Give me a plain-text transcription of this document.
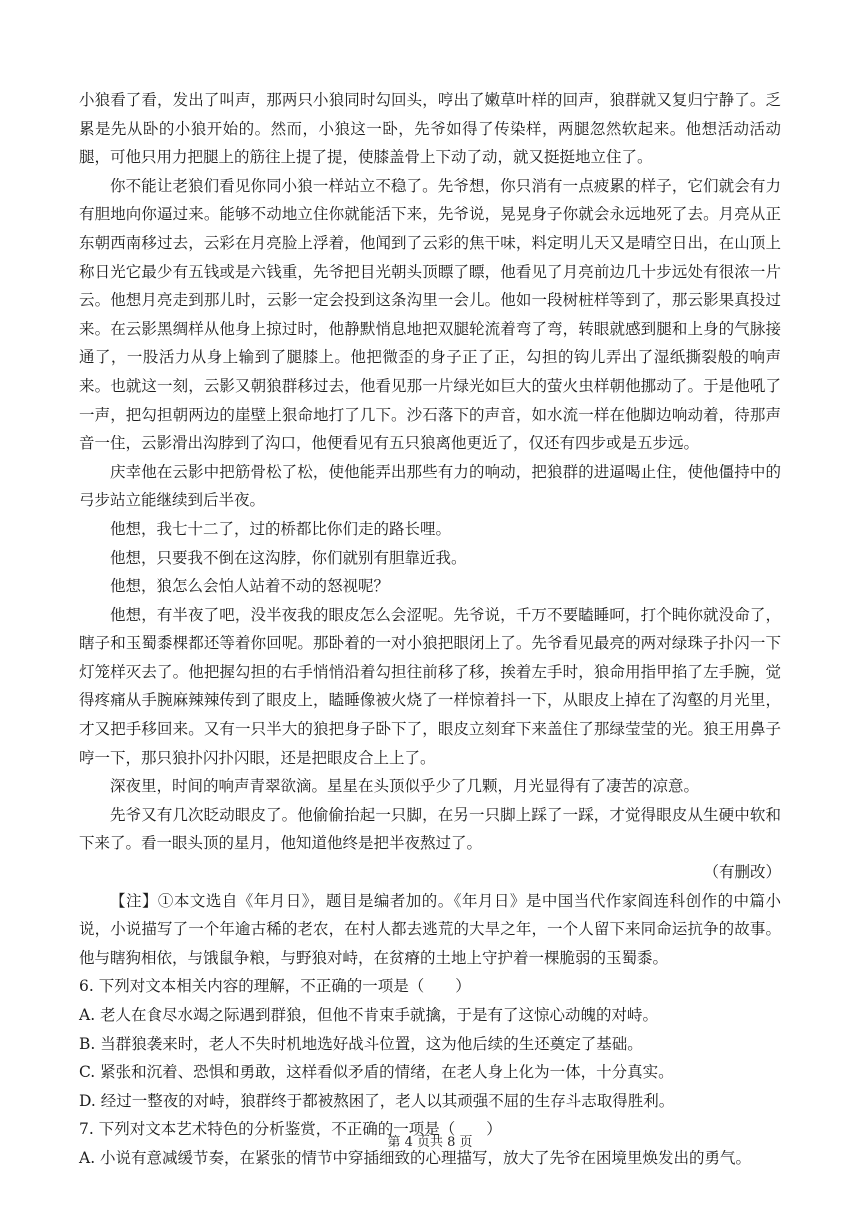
小狼看了看，发出了叫声，那两只小狼同时勾回头，哼出了嫩草叶样的回声，狼群就又复归宁静了。乏累是先从卧的小狼开始的。然而，小狼这一卧，先爷如得了传染样，两腿忽然软起来。他想活动活动腿，可他只用力把腿上的筋往上提了提，使膝盖骨上下动了动，就又挺挺地立住了。

你不能让老狼们看见你同小狼一样站立不稳了。先爷想，你只消有一点疲累的样子，它们就会有力有胆地向你逼过来。能够不动地立住你就能活下来，先爷说，晃晃身子你就会永远地死了去。月亮从正东朝西南移过去，云彩在月亮脸上浮着，他闻到了云彩的焦干味，料定明儿天又是晴空日出，在山顶上称日光它最少有五钱或是六钱重，先爷把目光朝头顶瞟了瞟，他看见了月亮前边几十步远处有很浓一片云。他想月亮走到那儿时，云影一定会投到这条沟里一会儿。他如一段树桩样等到了，那云影果真投过来。在云影黑绸样从他身上掠过时，他静默悄息地把双腿轮流着弯了弯，转眼就感到腿和上身的气脉接通了，一股活力从身上输到了腿膝上。他把微歪的身子正了正，勾担的钩儿弄出了湿纸撕裂般的响声来。也就这一刻，云影又朝狼群移过去，他看见那一片绿光如巨大的萤火虫样朝他挪动了。于是他吼了一声，把勾担朝两边的崖壁上狠命地打了几下。沙石落下的声音，如水流一样在他脚边响动着，待那声音一住，云影滑出沟脖到了沟口，他便看见有五只狼离他更近了，仅还有四步或是五步远。

庆幸他在云影中把筋骨松了松，使他能弄出那些有力的响动，把狼群的进逼喝止住，使他僵持中的弓步站立能继续到后半夜。

他想，我七十二了，过的桥都比你们走的路长哩。

他想，只要我不倒在这沟脖，你们就别有胆靠近我。

他想，狼怎么会怕人站着不动的怒视呢？

他想，有半夜了吧，没半夜我的眼皮怎么会涩呢。先爷说，千万不要瞌睡呵，打个盹你就没命了，瞎子和玉蜀黍棵都还等着你回呢。那卧着的一对小狼把眼闭上了。先爷看见最亮的两对绿珠子扑闪一下灯笼样灭去了。他把握勾担的右手悄悄沿着勾担往前移了移，挨着左手时，狼命用指甲掐了左手腕，觉得疼痛从手腕麻辣辣传到了眼皮上，瞌睡像被火烧了一样惊着抖一下，从眼皮上掉在了沟壑的月光里，才又把手移回来。又有一只半大的狼把身子卧下了，眼皮立刻耷下来盖住了那绿莹莹的光。狼王用鼻子哼一下，那只狼扑闪扑闪眼，还是把眼皮合上上了。

深夜里，时间的响声青翠欲滴。星星在头顶似乎少了几颗，月光显得有了凄苦的凉意。

先爷又有几次眨动眼皮了。他偷偷抬起一只脚，在另一只脚上踩了一踩，才觉得眼皮从生硬中软和下来了。看一眼头顶的星月，他知道他终是把半夜熬过了。

（有删改）

【注】①本文选自《年月日》，题目是编者加的。《年月日》是中国当代作家阎连科创作的中篇小说，小说描写了一个年逾古稀的老农，在村人都去逃荒的大旱之年，一个人留下来同命运抗争的故事。他与瞎狗相依，与饿鼠争粮，与野狼对峙，在贫瘠的土地上守护着一棵脆弱的玉蜀黍。

6. 下列对文本相关内容的理解，不正确的一项是（　　）

A. 老人在食尽水竭之际遇到群狼，但他不肯束手就擒，于是有了这惊心动魄的对峙。

B. 当群狼袭来时，老人不失时机地选好战斗位置，这为他后续的生还奠定了基础。

C. 紧张和沉着、恐惧和勇敢，这样看似矛盾的情绪，在老人身上化为一体，十分真实。

D. 经过一整夜的对峙，狼群终于都被熬困了，老人以其顽强不屈的生存斗志取得胜利。

7. 下列对文本艺术特色的分析鉴赏，不正确的一项是（　　）

A. 小说有意减缓节奏，在紧张的情节中穿插细致的心理描写，放大了先爷在困境里焕发出的勇气。

第 4 页共 8 页
